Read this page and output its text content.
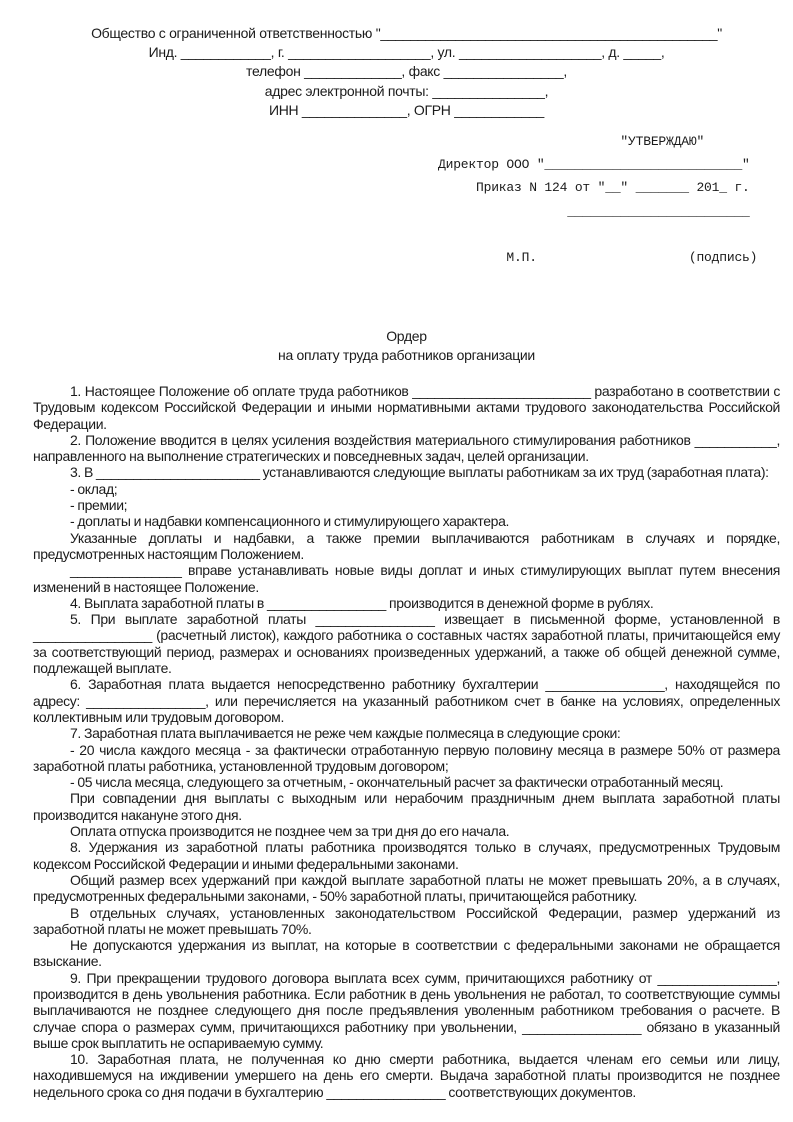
Общество с ограниченной ответственностью "_____________________________________________"
Инд. ____________, г. ___________________, ул. ___________________, д. _____,
телефон _____________, факс ________________,
адрес электронной почты: _______________,
ИНН ______________, ОГРН ____________
"УТВЕРЖДАЮ"
Директор ООО "__________________________"
Приказ N 124 от "__" _______ 201_ г.
________________________

М.П.                    (подпись)
Ордер
на оплату труда работников организации

1. Настоящее Положение об оплате труда работников ________________________ разработано в соответствии с Трудовым кодексом Российской Федерации и иными нормативными актами трудового законодательства Российской Федерации.

2. Положение вводится в целях усиления воздействия материального стимулирования работников ___________, направленного на выполнение стратегических и повседневных задач, целей организации.

3. В ______________________ устанавливаются следующие выплаты работникам за их труд (заработная плата):

- оклад;

- премии;

- доплаты и надбавки компенсационного и стимулирующего характера.

Указанные доплаты и надбавки, а также премии выплачиваются работникам в случаях и порядке, предусмотренных настоящим Положением.

_______________ вправе устанавливать новые виды доплат и иных стимулирующих выплат путем внесения изменений в настоящее Положение.

4. Выплата заработной платы в ________________ производится в денежной форме в рублях.

5. При выплате заработной платы ________________ извещает в письменной форме, установленной в ________________ (расчетный листок), каждого работника о составных частях заработной платы, причитающейся ему за соответствующий период, размерах и основаниях произведенных удержаний, а также об общей денежной сумме, подлежащей выплате.

6. Заработная плата выдается непосредственно работнику бухгалтерии ________________, находящейся по адресу: ________________, или перечисляется на указанный работником счет в банке на условиях, определенных коллективным или трудовым договором.

7. Заработная плата выплачивается не реже чем каждые полмесяца в следующие сроки:

- 20 числа каждого месяца - за фактически отработанную первую половину месяца в размере 50% от размера заработной платы работника, установленной трудовым договором;

- 05 числа месяца, следующего за отчетным, - окончательный расчет за фактически отработанный месяц.

При совпадении дня выплаты с выходным или нерабочим праздничным днем выплата заработной платы производится накануне этого дня.

Оплата отпуска производится не позднее чем за три дня до его начала.

8. Удержания из заработной платы работника производятся только в случаях, предусмотренных Трудовым кодексом Российской Федерации и иными федеральными законами.

Общий размер всех удержаний при каждой выплате заработной платы не может превышать 20%, а в случаях, предусмотренных федеральными законами, - 50% заработной платы, причитающейся работнику.

В отдельных случаях, установленных законодательством Российской Федерации, размер удержаний из заработной платы не может превышать 70%.

Не допускаются удержания из выплат, на которые в соответствии с федеральными законами не обращается взыскание.

9. При прекращении трудового договора выплата всех сумм, причитающихся работнику от ________________, производится в день увольнения работника. Если работник в день увольнения не работал, то соответствующие суммы выплачиваются не позднее следующего дня после предъявления уволенным работником требования о расчете. В случае спора о размерах сумм, причитающихся работнику при увольнении, ________________ обязано в указанный выше срок выплатить не оспариваемую сумму.

10. Заработная плата, не полученная ко дню смерти работника, выдается членам его семьи или лицу, находившемуся на иждивении умершего на день его смерти. Выдача заработной платы производится не позднее недельного срока со дня подачи в бухгалтерию ________________ соответствующих документов.
